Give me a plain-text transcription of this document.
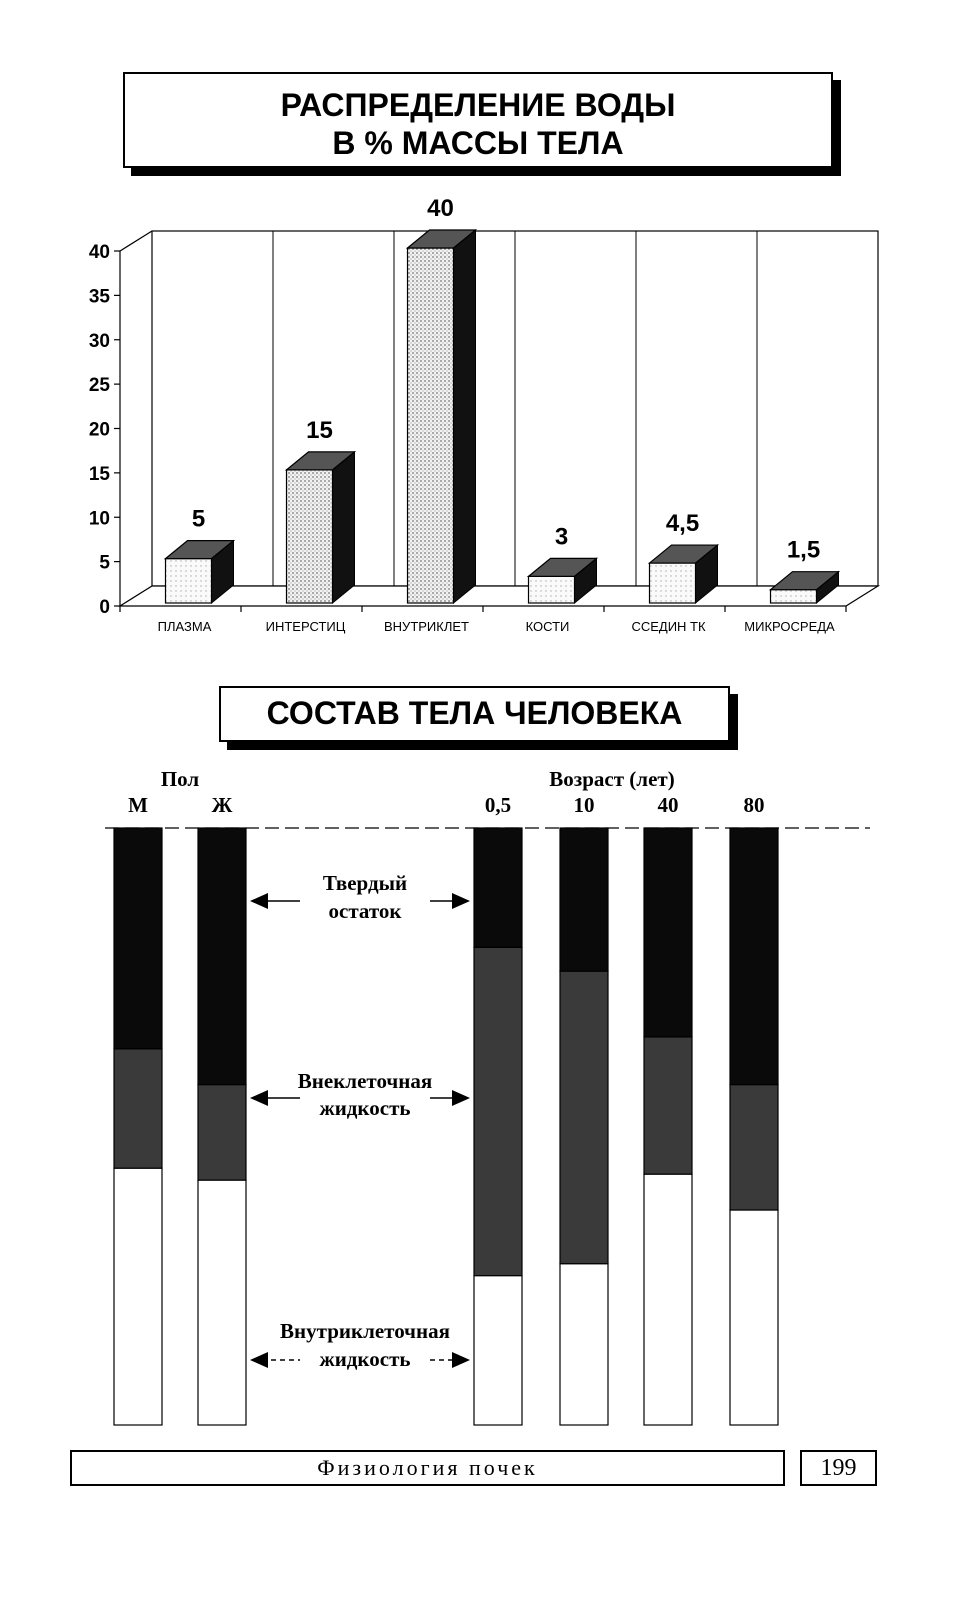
РАСПРЕДЕЛЕНИЕ ВОДЫ
В % МАССЫ ТЕЛА
СОСТАВ ТЕЛА ЧЕЛОВЕКА
0
5
10
15
20
25
30
35
40
5
ПЛАЗМА
15
ИНТЕРСТИЦ
40
ВНУТРИКЛЕТ
3
КОСТИ
4,5
ССЕДИН ТК
1,5
МИКРОСРЕДА
Пол	Возраст (лет)
М	Ж	0,5	10	40	80
Твердый
остаток
Внеклеточная
жидкость
Внутриклеточная
жидкость
Физиология почек	199
